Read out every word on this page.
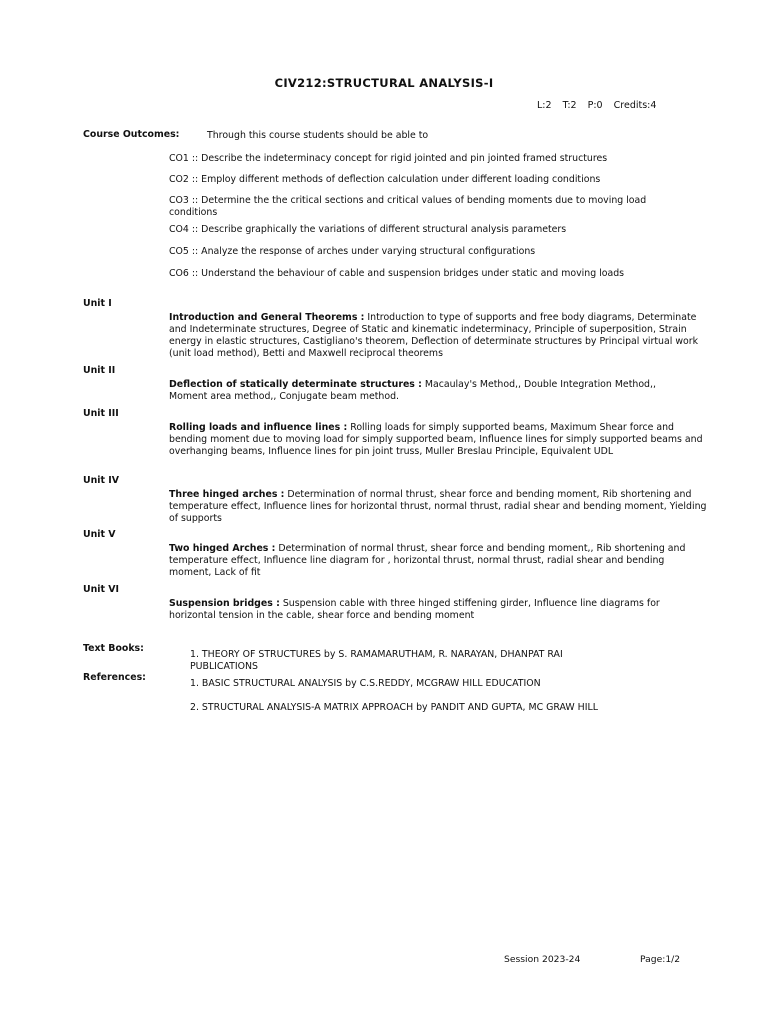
CIV212:STRUCTURAL ANALYSIS-I
L:2 T:2 P:0 Credits:4
Course Outcomes:	Through this course students should be able to
CO1 :: Describe the indeterminacy concept for rigid jointed and pin jointed framed structures
CO2 :: Employ different methods of deflection calculation under different loading conditions
CO3 :: Determine the the critical sections and critical values of bending moments due to moving load conditions
CO4 :: Describe graphically the variations of different structural analysis parameters
CO5 :: Analyze the response of arches under varying structural configurations
CO6 :: Understand the behaviour of cable and suspension bridges under static and moving loads
Unit I
Introduction and General Theorems : Introduction to type of supports and free body diagrams, Determinate and Indeterminate structures, Degree of Static and kinematic indeterminacy, Principle of superposition, Strain energy in elastic structures, Castigliano's theorem, Deflection of determinate structures by Principal virtual work (unit load method), Betti and Maxwell reciprocal theorems
Unit II
Deflection of statically determinate structures : Macaulay's Method,, Double Integration Method,, Moment area method,, Conjugate beam method.
Unit III
Rolling loads and influence lines : Rolling loads for simply supported beams, Maximum Shear force and bending moment due to moving load for simply supported beam, Influence lines for simply supported beams and overhanging beams, Influence lines for pin joint truss, Muller Breslau Principle, Equivalent UDL
Unit IV
Three hinged arches : Determination of normal thrust, shear force and bending moment, Rib shortening and temperature effect, Influence lines for horizontal thrust, normal thrust, radial shear and bending moment, Yielding of supports
Unit V
Two hinged Arches : Determination of normal thrust, shear force and bending moment,, Rib shortening and temperature effect, Influence line diagram for , horizontal thrust, normal thrust, radial shear and bending moment, Lack of fit
Unit VI
Suspension bridges : Suspension cable with three hinged stiffening girder, Influence line diagrams for horizontal tension in the cable, shear force and bending moment
Text Books:
1. THEORY OF STRUCTURES by S. RAMAMARUTHAM, R. NARAYAN, DHANPAT RAI PUBLICATIONS
References:
1. BASIC STRUCTURAL ANALYSIS by C.S.REDDY, MCGRAW HILL EDUCATION
2. STRUCTURAL ANALYSIS-A MATRIX APPROACH by PANDIT AND GUPTA, MC GRAW HILL
Session 2023-24	Page:1/2
